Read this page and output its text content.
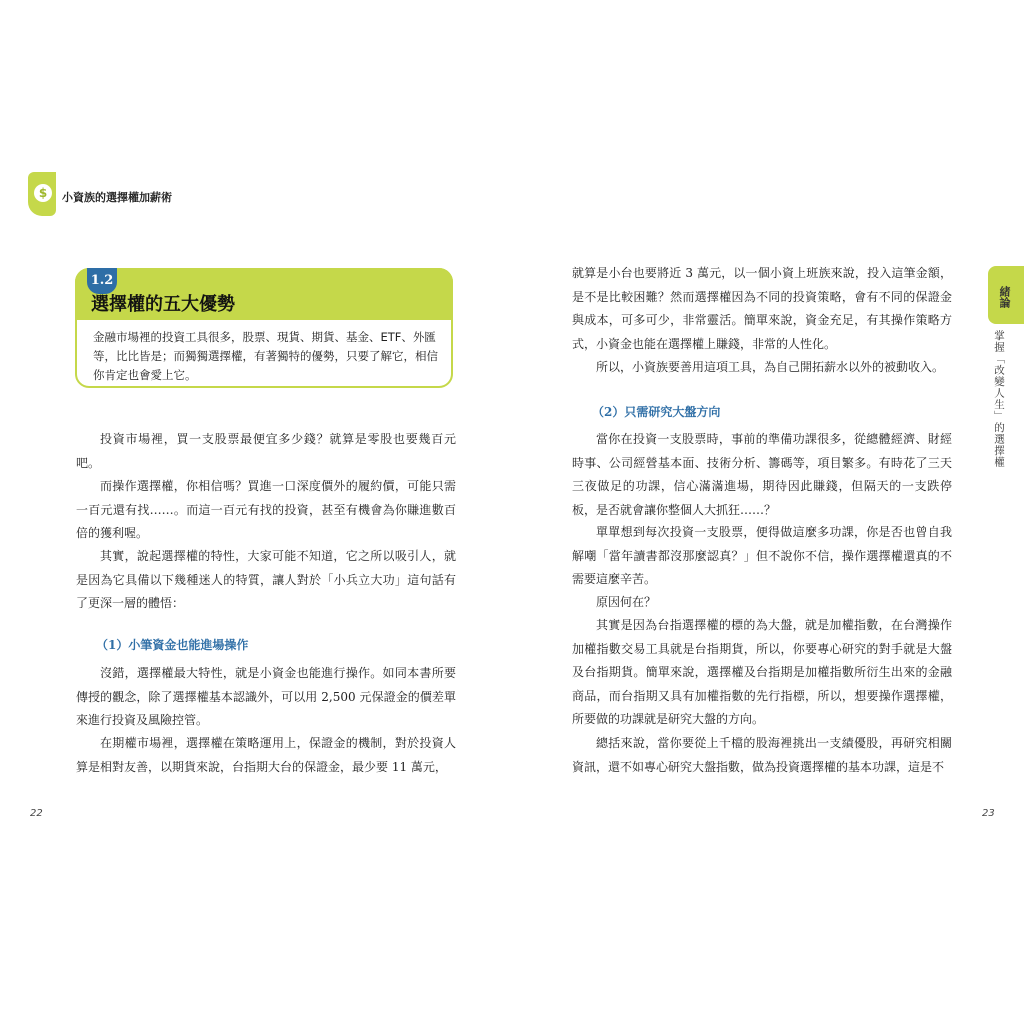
$	小資族的選擇權加薪術
1.2
選擇權的五大優勢
金融市場裡的投資工具很多，股票、現貨、期貨、基金、ETF、外匯等，比比皆是；而獨獨選擇權，有著獨特的優勢，只要了解它，相信你肯定也會愛上它。
投資市場裡，買一支股票最便宜多少錢？就算是零股也要幾百元吧。
而操作選擇權，你相信嗎？買進一口深度價外的履約價，可能只需一百元還有找……。而這一百元有找的投資，甚至有機會為你賺進數百倍的獲利喔。
其實，說起選擇權的特性，大家可能不知道，它之所以吸引人，就是因為它具備以下幾種迷人的特質，讓人對於「小兵立大功」這句話有了更深一層的體悟：
（1）小筆資金也能進場操作
沒錯，選擇權最大特性，就是小資金也能進行操作。如同本書所要傳授的觀念，除了選擇權基本認識外，可以用 2,500 元保證金的價差單來進行投資及風險控管。
在期權市場裡，選擇權在策略運用上，保證金的機制，對於投資人算是相對友善，以期貨來說，台指期大台的保證金，最少要 11 萬元，
22
緒論
掌握「改變人生」的選擇權
就算是小台也要將近 3 萬元，以一個小資上班族來說，投入這筆金額，是不是比較困難？然而選擇權因為不同的投資策略，會有不同的保證金與成本，可多可少，非常靈活。簡單來說，資金充足，有其操作策略方式，小資金也能在選擇權上賺錢，非常的人性化。
所以，小資族要善用這項工具，為自己開拓薪水以外的被動收入。
（2）只需研究大盤方向
當你在投資一支股票時，事前的準備功課很多，從總體經濟、財經時事、公司經營基本面、技術分析、籌碼等，項目繁多。有時花了三天三夜做足的功課，信心滿滿進場，期待因此賺錢，但隔天的一支跌停板，是否就會讓你整個人大抓狂……？
單單想到每次投資一支股票，便得做這麼多功課，你是否也曾自我解嘲「當年讀書都沒那麼認真？」但不說你不信，操作選擇權還真的不需要這麼辛苦。
原因何在？
其實是因為台指選擇權的標的為大盤，就是加權指數，在台灣操作加權指數交易工具就是台指期貨，所以，你要專心研究的對手就是大盤及台指期貨。簡單來說，選擇權及台指期是加權指數所衍生出來的金融商品，而台指期又具有加權指數的先行指標，所以，想要操作選擇權，所要做的功課就是研究大盤的方向。
總括來說，當你要從上千檔的股海裡挑出一支績優股，再研究相關資訊，還不如專心研究大盤指數，做為投資選擇權的基本功課，這是不
23
